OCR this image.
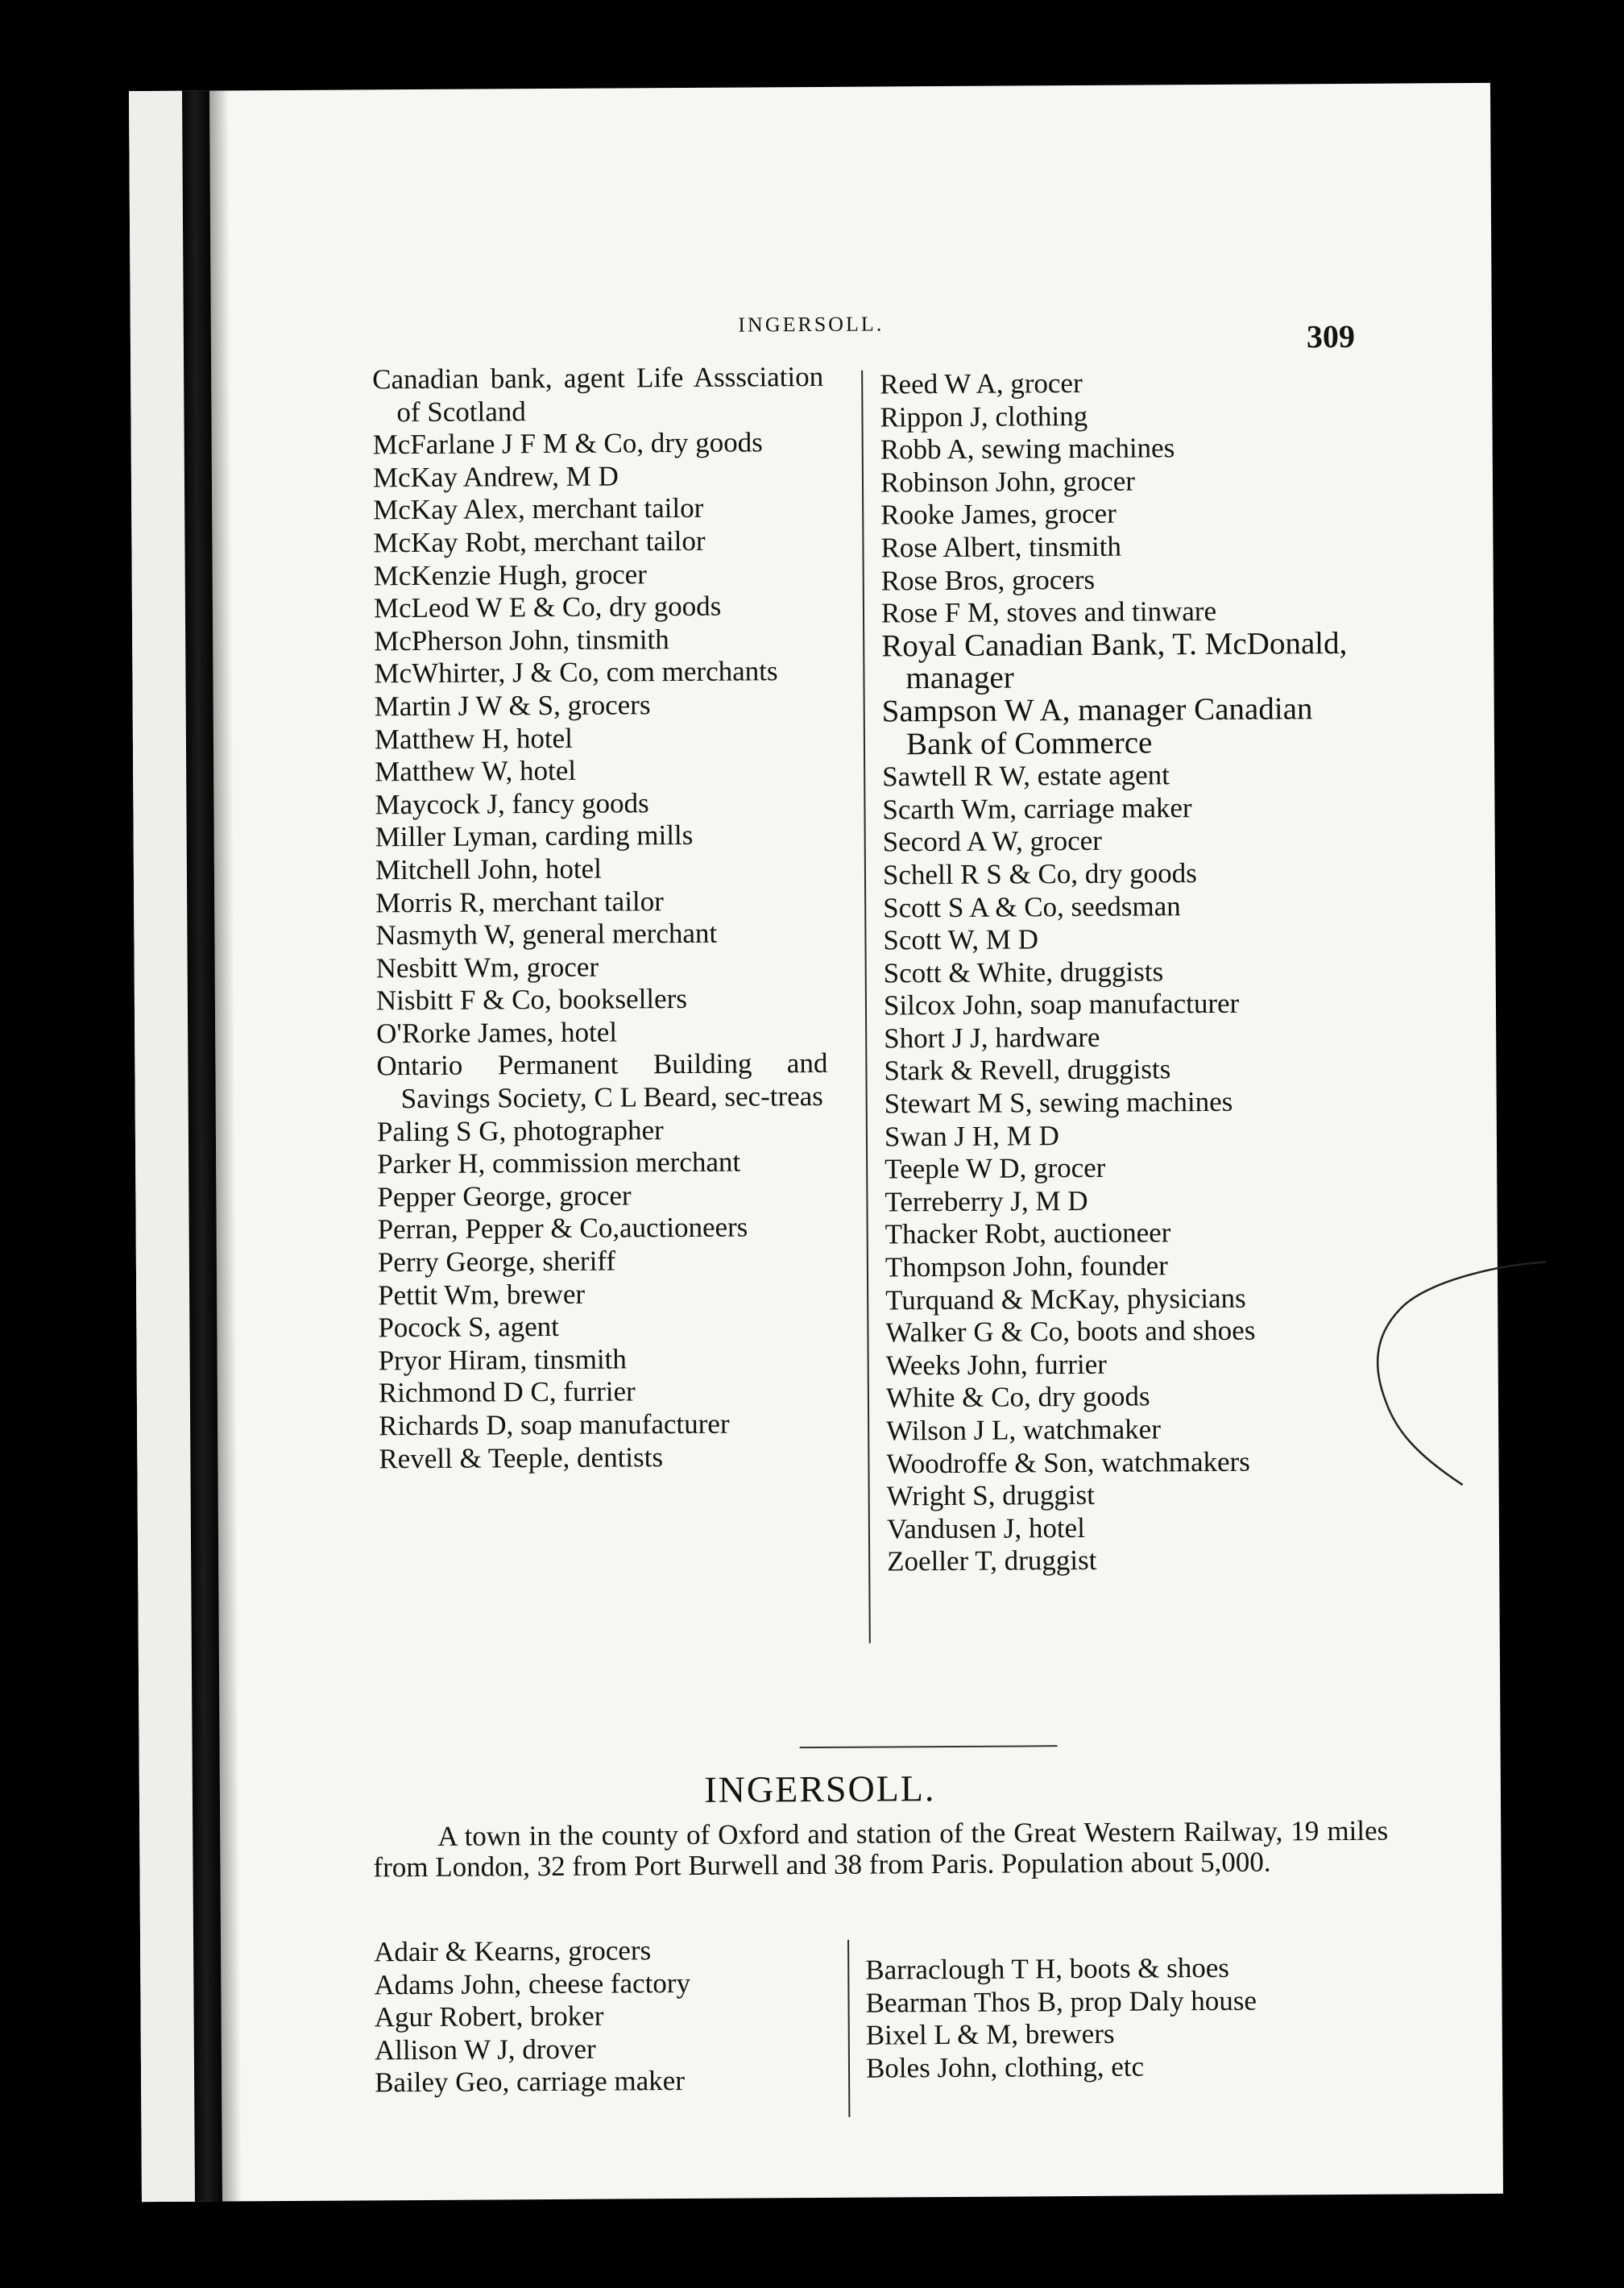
INGERSOLL.	309
Canadian bank, agent Life Asssciation of Scotland
McFarlane J F M & Co, dry goods
McKay Andrew, M D
McKay Alex, merchant tailor
McKay Robt, merchant tailor
McKenzie Hugh, grocer
McLeod W E & Co, dry goods
McPherson John, tinsmith
McWhirter, J & Co, com merchants
Martin J W & S, grocers
Matthew H, hotel
Matthew W, hotel
Maycock J, fancy goods
Miller Lyman, carding mills
Mitchell John, hotel
Morris R, merchant tailor
Nasmyth W, general merchant
Nesbitt Wm, grocer
Nisbitt F & Co, booksellers
O'Rorke James, hotel
Ontario Permanent Building and Savings Society, C L Beard, sec-treas
Paling S G, photographer
Parker H, commission merchant
Pepper George, grocer
Perran, Pepper & Co,auctioneers
Perry George, sheriff
Pettit Wm, brewer
Pocock S, agent
Pryor Hiram, tinsmith
Richmond D C, furrier
Richards D, soap manufacturer
Revell & Teeple, dentists
Reed W A, grocer
Rippon J, clothing
Robb A, sewing machines
Robinson John, grocer
Rooke James, grocer
Rose Albert, tinsmith
Rose Bros, grocers
Rose F M, stoves and tinware
Royal Canadian Bank, T. McDonald, manager
Sampson W A, manager Canadian Bank of Commerce
Sawtell R W, estate agent
Scarth Wm, carriage maker
Secord A W, grocer
Schell R S & Co, dry goods
Scott S A & Co, seedsman
Scott W, M D
Scott & White, druggists
Silcox John, soap manufacturer
Short J J, hardware
Stark & Revell, druggists
Stewart M S, sewing machines
Swan J H, M D
Teeple W D, grocer
Terreberry J, M D
Thacker Robt, auctioneer
Thompson John, founder
Turquand & McKay, physicians
Walker G & Co, boots and shoes
Weeks John, furrier
White & Co, dry goods
Wilson J L, watchmaker
Woodroffe & Son, watchmakers
Wright S, druggist
Vandusen J, hotel
Zoeller T, druggist
INGERSOLL.

A town in the county of Oxford and station of the Great Western Railway, 19 miles from London, 32 from Port Burwell and 38 from Paris. Population about 5,000.

Adair & Kearns, grocers
Adams John, cheese factory
Agur Robert, broker
Allison W J, drover
Bailey Geo, carriage maker
Barraclough T H, boots & shoes
Bearman Thos B, prop Daly house
Bixel L & M, brewers
Boles John, clothing, etc
